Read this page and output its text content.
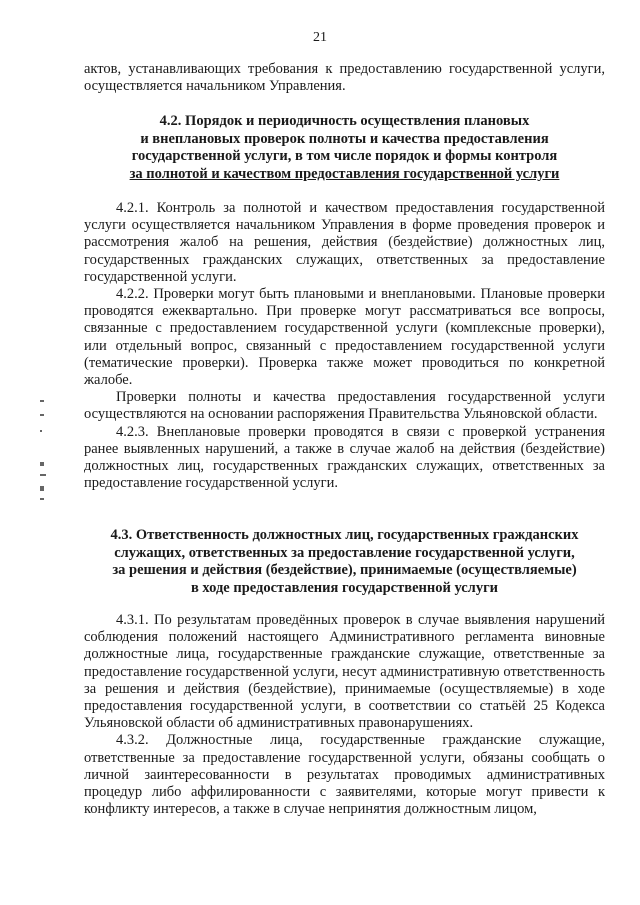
21

актов, устанавливающих требования к предоставлению государственной услуги, осуществляется начальником Управления.

4.2. Порядок и периодичность осуществления плановых
и внеплановых проверок полноты и качества предоставления
государственной услуги, в том числе порядок и формы контроля
за полнотой и качеством предоставления государственной услуги

4.2.1. Контроль за полнотой и качеством предоставления государственной услуги осуществляется начальником Управления в форме проведения проверок и рассмотрения жалоб на решения, действия (бездействие) должностных лиц, государственных гражданских служащих, ответственных за предоставление государственной услуги.

4.2.2. Проверки могут быть плановыми и внеплановыми. Плановые проверки проводятся ежеквартально. При проверке могут рассматриваться все вопросы, связанные с предоставлением государственной услуги (комплексные проверки), или отдельный вопрос, связанный с предоставлением государственной услуги (тематические проверки). Проверка также может проводиться по конкретной жалобе.

Проверки полноты и качества предоставления государственной услуги осуществляются на основании распоряжения Правительства Ульяновской области.

4.2.3. Внеплановые проверки проводятся в связи с проверкой устранения ранее выявленных нарушений, а также в случае жалоб на действия (бездействие) должностных лиц, государственных гражданских служащих, ответственных за предоставление государственной услуги.

4.3. Ответственность должностных лиц, государственных гражданских
служащих, ответственных за предоставление государственной услуги,
за решения и действия (бездействие), принимаемые (осуществляемые)
в ходе предоставления государственной услуги

4.3.1. По результатам проведённых проверок в случае выявления нарушений соблюдения положений настоящего Административного регламента виновные должностные лица, государственные гражданские служащие, ответственные за предоставление государственной услуги, несут административную ответственность за решения и действия (бездействие), принимаемые (осуществляемые) в ходе предоставления государственной услуги, в соответствии со статьёй 25 Кодекса Ульяновской области об административных правонарушениях.

4.3.2. Должностные лица, государственные гражданские служащие, ответственные за предоставление государственной услуги, обязаны сообщать о личной заинтересованности в результатах проводимых административных процедур либо аффилированности с заявителями, которые могут привести к конфликту интересов, а также в случае непринятия должностным лицом,
